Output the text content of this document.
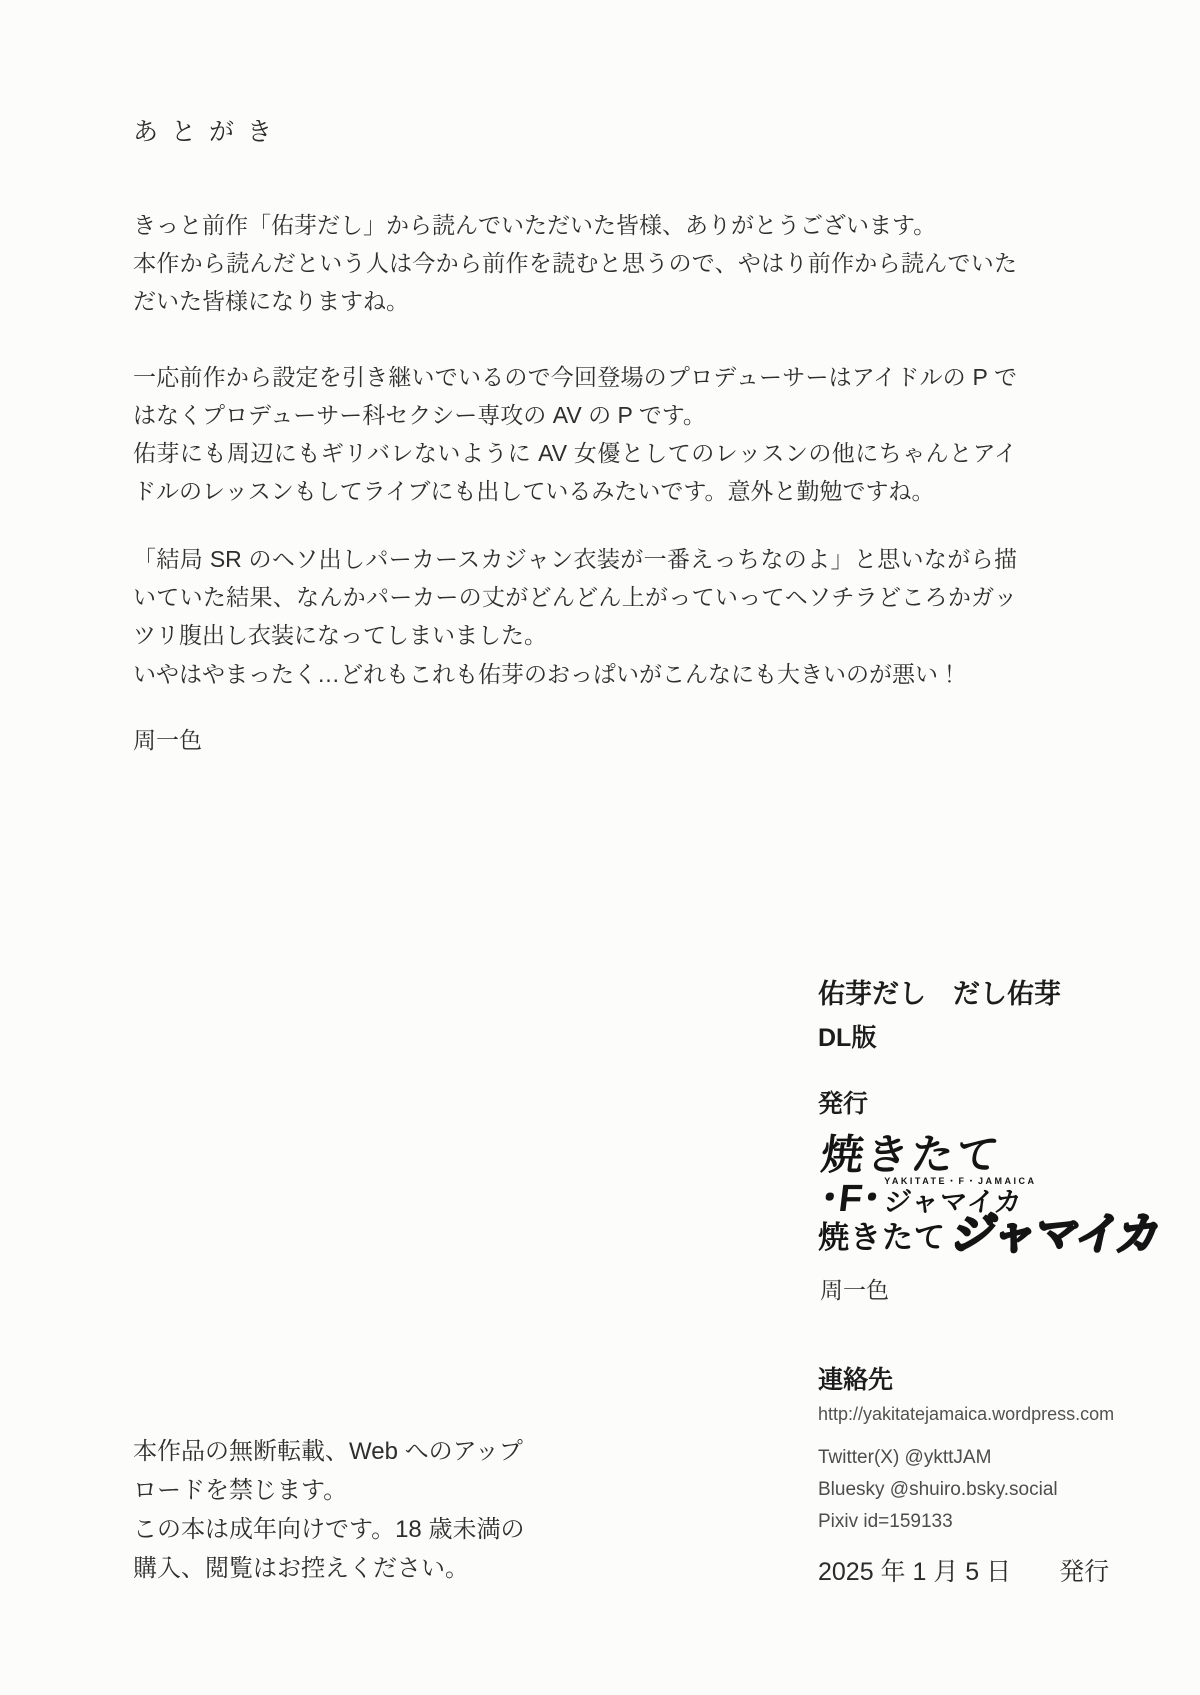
あとがき
きっと前作「佑芽だし」から読んでいただいた皆様、ありがとうございます。
本作から読んだという人は今から前作を読むと思うので、やはり前作から読んでいただいた皆様になりますね。
一応前作から設定を引き継いでいるので今回登場のプロデューサーはアイドルの P ではなくプロデューサー科セクシー専攻の AV の P です。
佑芽にも周辺にもギリバレないように AV 女優としてのレッスンの他にちゃんとアイドルのレッスンもしてライブにも出しているみたいです。意外と勤勉ですね。
「結局 SR のヘソ出しパーカースカジャン衣装が一番えっちなのよ」と思いながら描いていた結果、なんかパーカーの丈がどんどん上がっていってヘソチラどころかガッツリ腹出し衣装になってしまいました。
いやはやまったく…どれもこれも佑芽のおっぱいがこんなにも大きいのが悪い！
周一色
佑芽だし　だし佑芽
DL版
発行
焼きたて
･F･ YAKITATE・F・JAMAICA
ジャマイカ
焼きたて ジャマイカ
周一色
連絡先
http://yakitatejamaica.wordpress.com
Twitter(X) @ykttJAM
Bluesky @shuiro.bsky.social
Pixiv id=159133
2025 年 1 月 5 日 発行
本作品の無断転載、Web へのアップ
ロードを禁じます。
この本は成年向けです。18 歳未満の
購入、閲覧はお控えください。
